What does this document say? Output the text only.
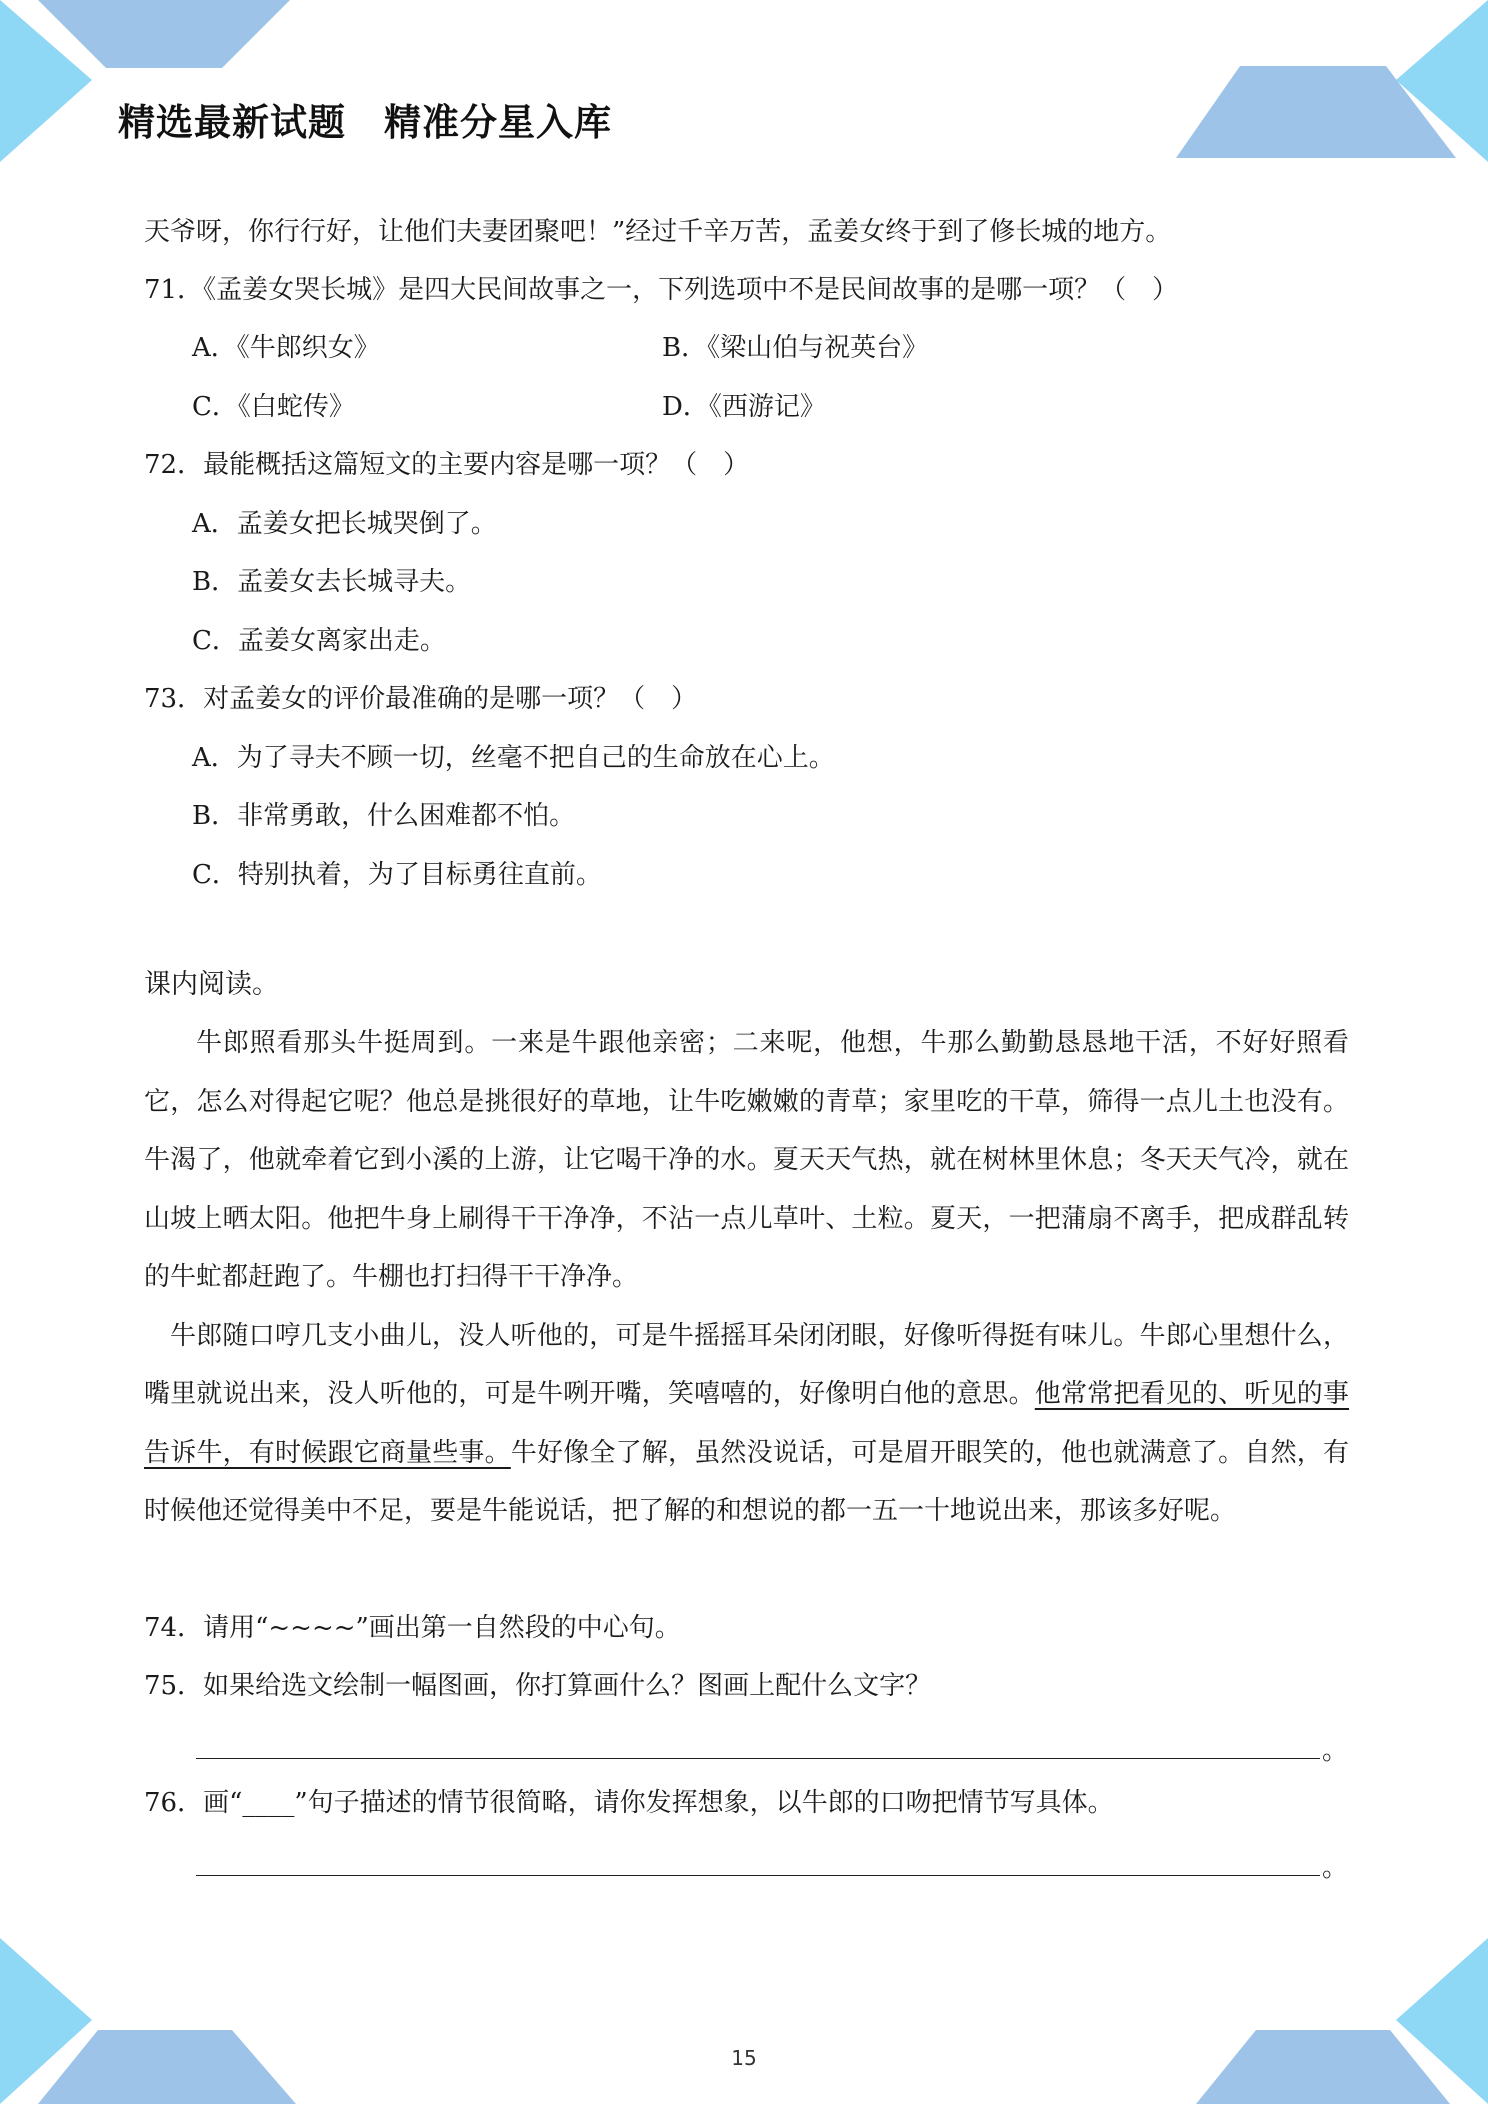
精选最新试题　精准分星入库
天爷呀，你行行好，让他们夫妻团聚吧！”经过千辛万苦，孟姜女终于到了修长城的地方。
71．《孟姜女哭长城》是四大民间故事之一，下列选项中不是民间故事的是哪一项？（　）
A．《牛郎织女》	B．《梁山伯与祝英台》
C．《白蛇传》	D．《西游记》
72．最能概括这篇短文的主要内容是哪一项？（　）
A．孟姜女把长城哭倒了。
B．孟姜女去长城寻夫。
C．孟姜女离家出走。
73．对孟姜女的评价最准确的是哪一项？（　）
A．为了寻夫不顾一切，丝毫不把自己的生命放在心上。
B．非常勇敢，什么困难都不怕。
C．特别执着，为了目标勇往直前。
课内阅读。

牛郎照看那头牛挺周到。一来是牛跟他亲密；二来呢，他想，牛那么勤勤恳恳地干活，不好好照看它，怎么对得起它呢？他总是挑很好的草地，让牛吃嫩嫩的青草；家里吃的干草，筛得一点儿土也没有。牛渴了，他就牵着它到小溪的上游，让它喝干净的水。夏天天气热，就在树林里休息；冬天天气冷，就在山坡上晒太阳。他把牛身上刷得干干净净，不沾一点儿草叶、土粒。夏天，一把蒲扇不离手，把成群乱转的牛虻都赶跑了。牛棚也打扫得干干净净。

牛郎随口哼几支小曲儿，没人听他的，可是牛摇摇耳朵闭闭眼，好像听得挺有味儿。牛郎心里想什么，嘴里就说出来，没人听他的，可是牛咧开嘴，笑嘻嘻的，好像明白他的意思。他常常把看见的、听见的事告诉牛，有时候跟它商量些事。牛好像全了解，虽然没说话，可是眉开眼笑的，他也就满意了。自然，有时候他还觉得美中不足，要是牛能说话，把了解的和想说的都一五一十地说出来，那该多好呢。

74．请用“~~~~”画出第一自然段的中心句。
75．如果给选文绘制一幅图画，你打算画什么？图画上配什么文字？
。
76．画“____”句子描述的情节很简略，请你发挥想象，以牛郎的口吻把情节写具体。
。
15
